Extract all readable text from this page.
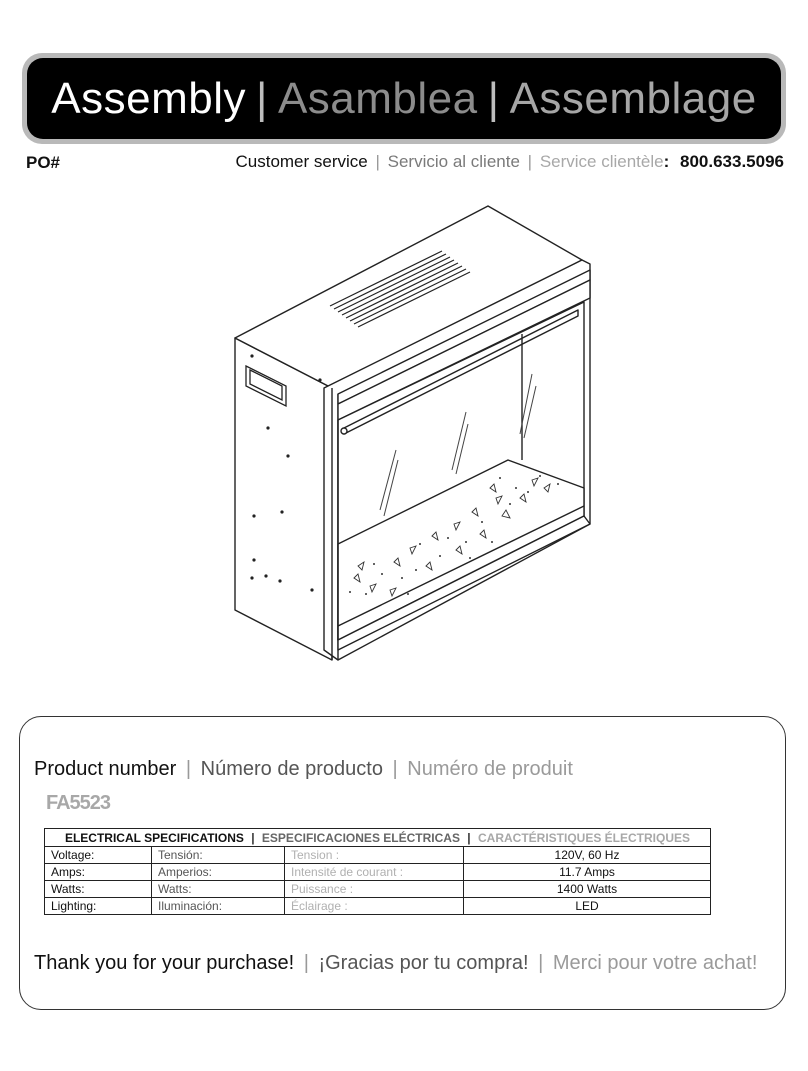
Assembly | Asamblea | Assemblage
PO#	Customer service | Servicio al cliente | Service clientèle: 800.633.5096
Product number | Número de producto | Numéro de produit
FA5523
ELECTRICAL SPECIFICATIONS | ESPECIFICACIONES ELÉCTRICAS | CARACTÉRISTIQUES ÉLECTRIQUES			
Voltage:	Tensión:	Tension :	120V, 60 Hz
Amps:	Amperios:	Intensité de courant :	11.7 Amps
Watts:	Watts:	Puissance :	1400 Watts
Lighting:	Iluminación:	Éclairage :	LED
Thank you for your purchase! | ¡Gracias por tu compra! | Merci pour votre achat!
